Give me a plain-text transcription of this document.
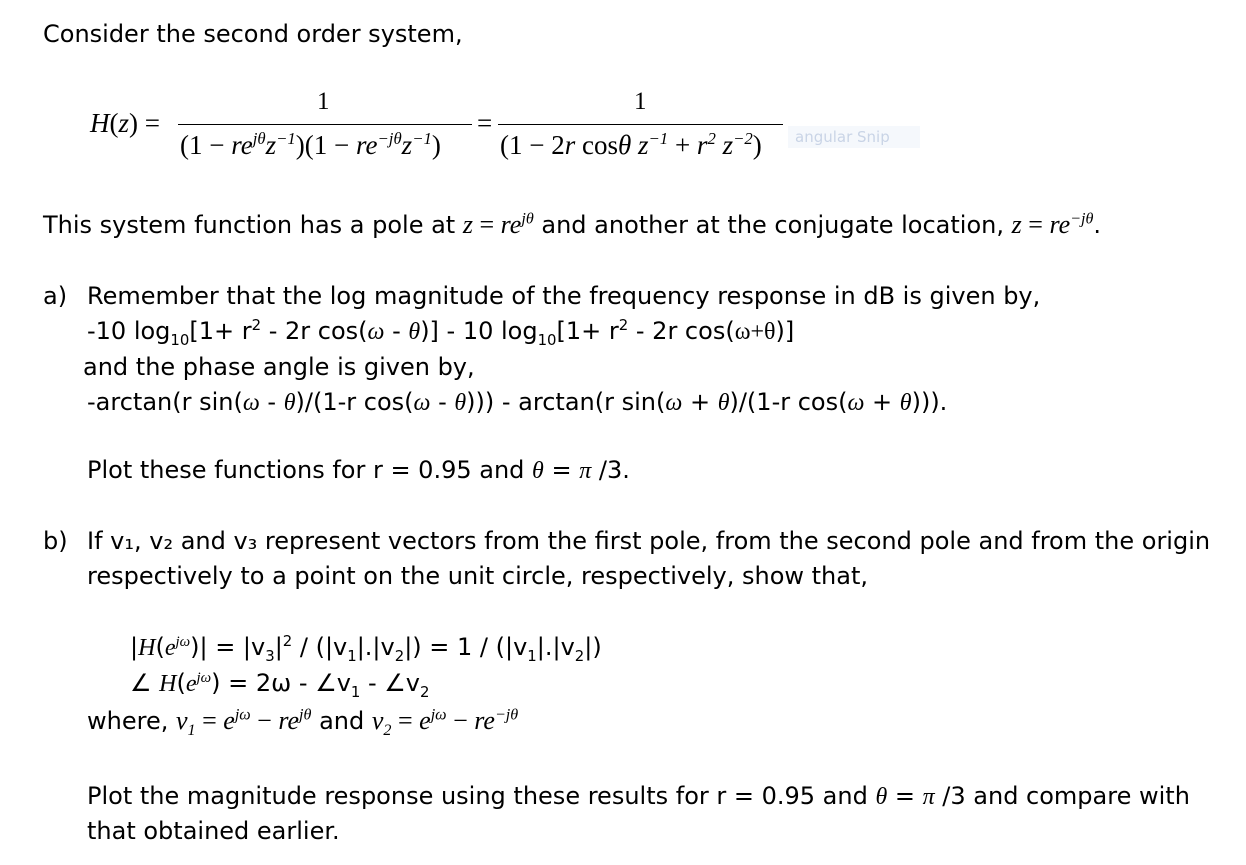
Consider the second order system,
H(z) =
1
$(1 - re^{j\theta}z^{-1})(1 - re^{-j\theta}z^{-1})$
=
1
(1 − 2r cosθ $z^{-1} + r^2$ $z^{-2}$) angular Snip
This system function has a pole at $z = re^{j\theta}$ and another at the conjugate location, $z = re^{-j\theta}$.
a) Remember that the log magnitude of the frequency response in dB is given by,
-10 $\log_{10}[1+ r^2 - 2r$ cos(ω - θ)] - 10 $\log_{10}[1+ r^2 - 2r$ cos(ω+θ)]
and the phase angle is given by,
-arctan(r sin(ω - θ)/(1-r cos(ω - θ))) - arctan(r sin(ω + θ)/(1-r cos(ω + θ))).
Plot these functions for r = 0.95 and θ = π /3.
b) If v₁, v₂ and v₃ represent vectors from the first pole, from the second pole and from the origin
respectively to a point on the unit circle, respectively, show that,
$|H(e^{j\omega})| = |v_3|^2 / (|v_1|.|v_2|) = 1 / (|v_1|.|v_2|)$
∠ $H(e^{j\omega}) = 2\omega$ - $\angle v_1$ - $\angle v_2$
where, $v_1 = e^{j\omega} - re^{j\theta}$ and $v_2 = e^{j\omega} - re^{-j\theta}$
Plot the magnitude response using these results for r = 0.95 and θ = π /3 and compare with
that obtained earlier.
